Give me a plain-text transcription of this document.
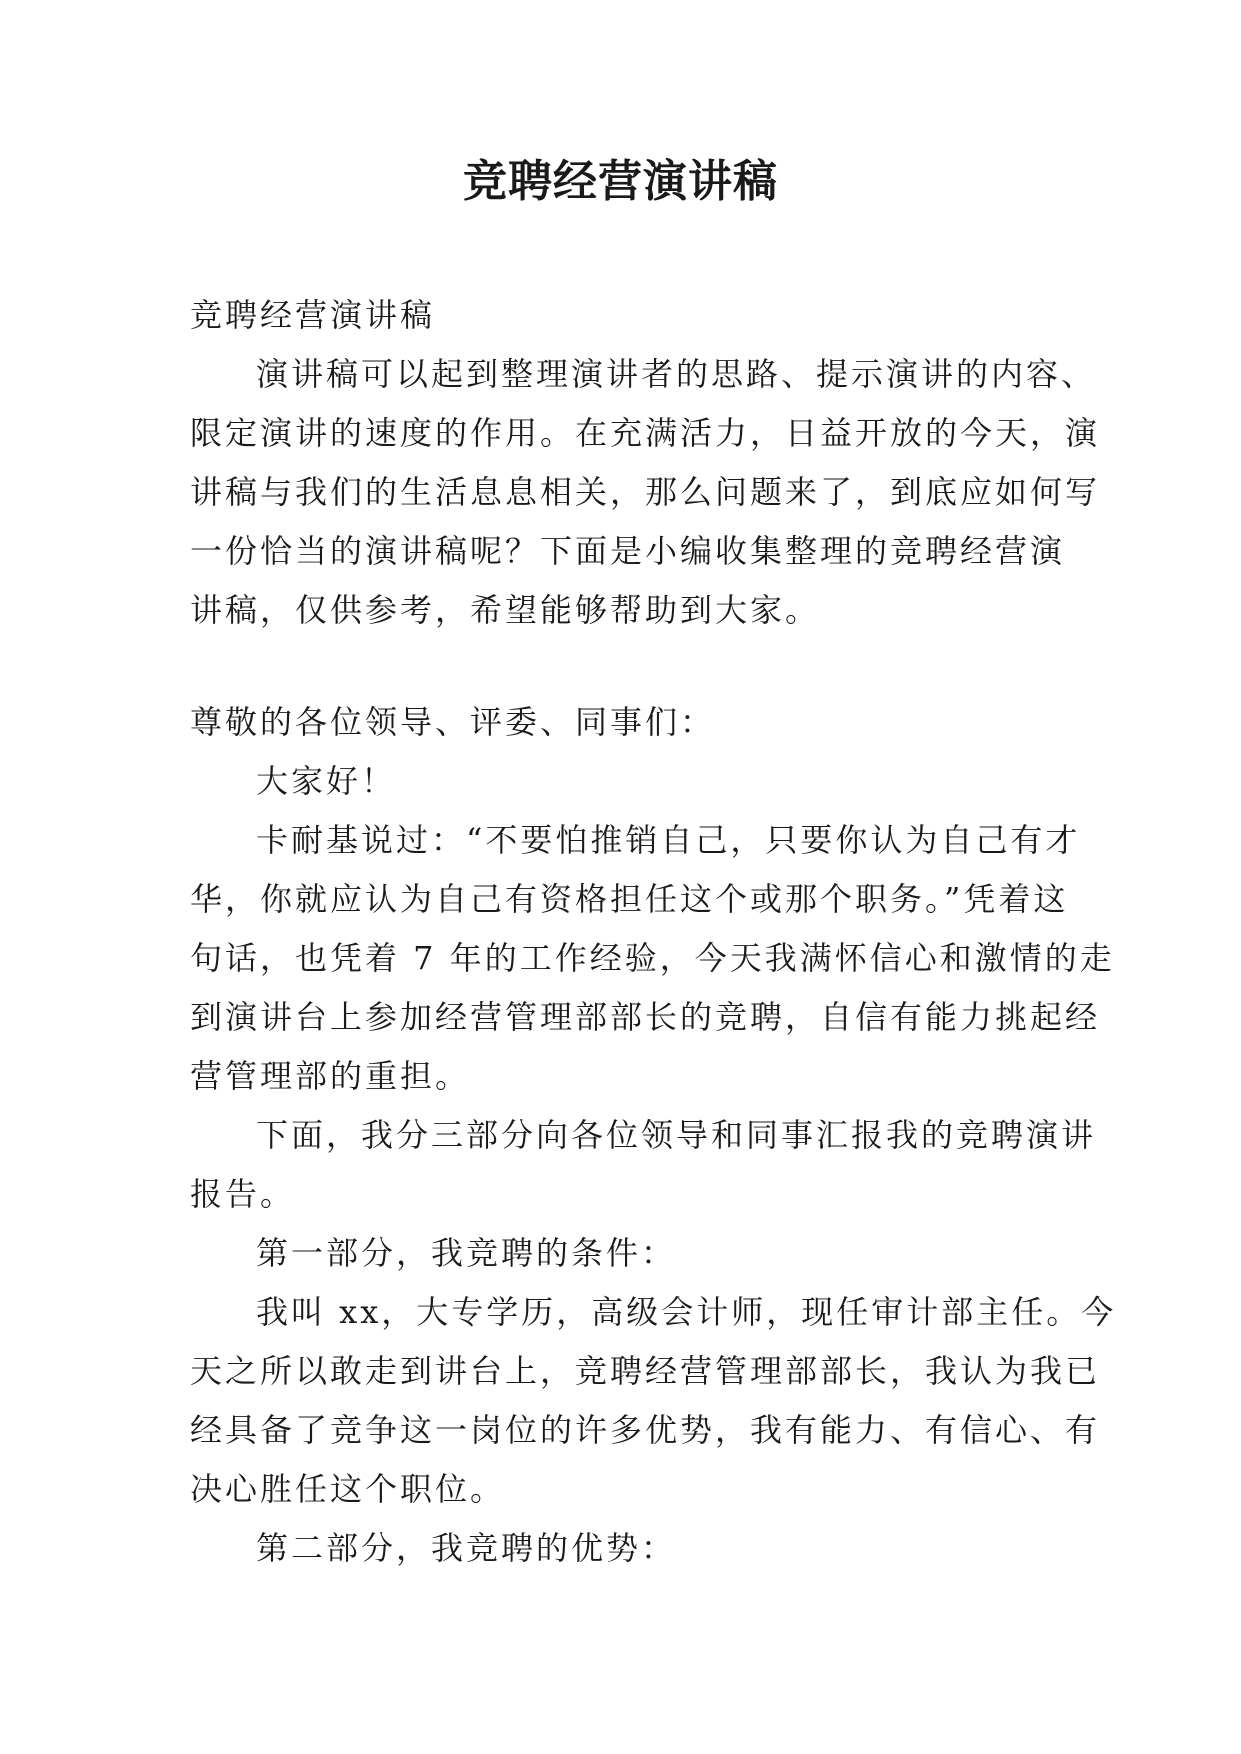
竞聘经营演讲稿

竞聘经营演讲稿

演讲稿可以起到整理演讲者的思路、提示演讲的内容、
限定演讲的速度的作用。在充满活力，日益开放的今天，演
讲稿与我们的生活息息相关，那么问题来了，到底应如何写
一份恰当的演讲稿呢？下面是小编收集整理的竞聘经营演
讲稿，仅供参考，希望能够帮助到大家。

尊敬的各位领导、评委、同事们：

大家好！

卡耐基说过：“不要怕推销自己，只要你认为自己有才
华，你就应认为自己有资格担任这个或那个职务。”凭着这
句话，也凭着 7 年的工作经验，今天我满怀信心和激情的走
到演讲台上参加经营管理部部长的竞聘，自信有能力挑起经
营管理部的重担。

下面，我分三部分向各位领导和同事汇报我的竞聘演讲
报告。

第一部分，我竞聘的条件：

我叫 xx，大专学历，高级会计师，现任审计部主任。今
天之所以敢走到讲台上，竞聘经营管理部部长，我认为我已
经具备了竞争这一岗位的许多优势，我有能力、有信心、有
决心胜任这个职位。

第二部分，我竞聘的优势：
